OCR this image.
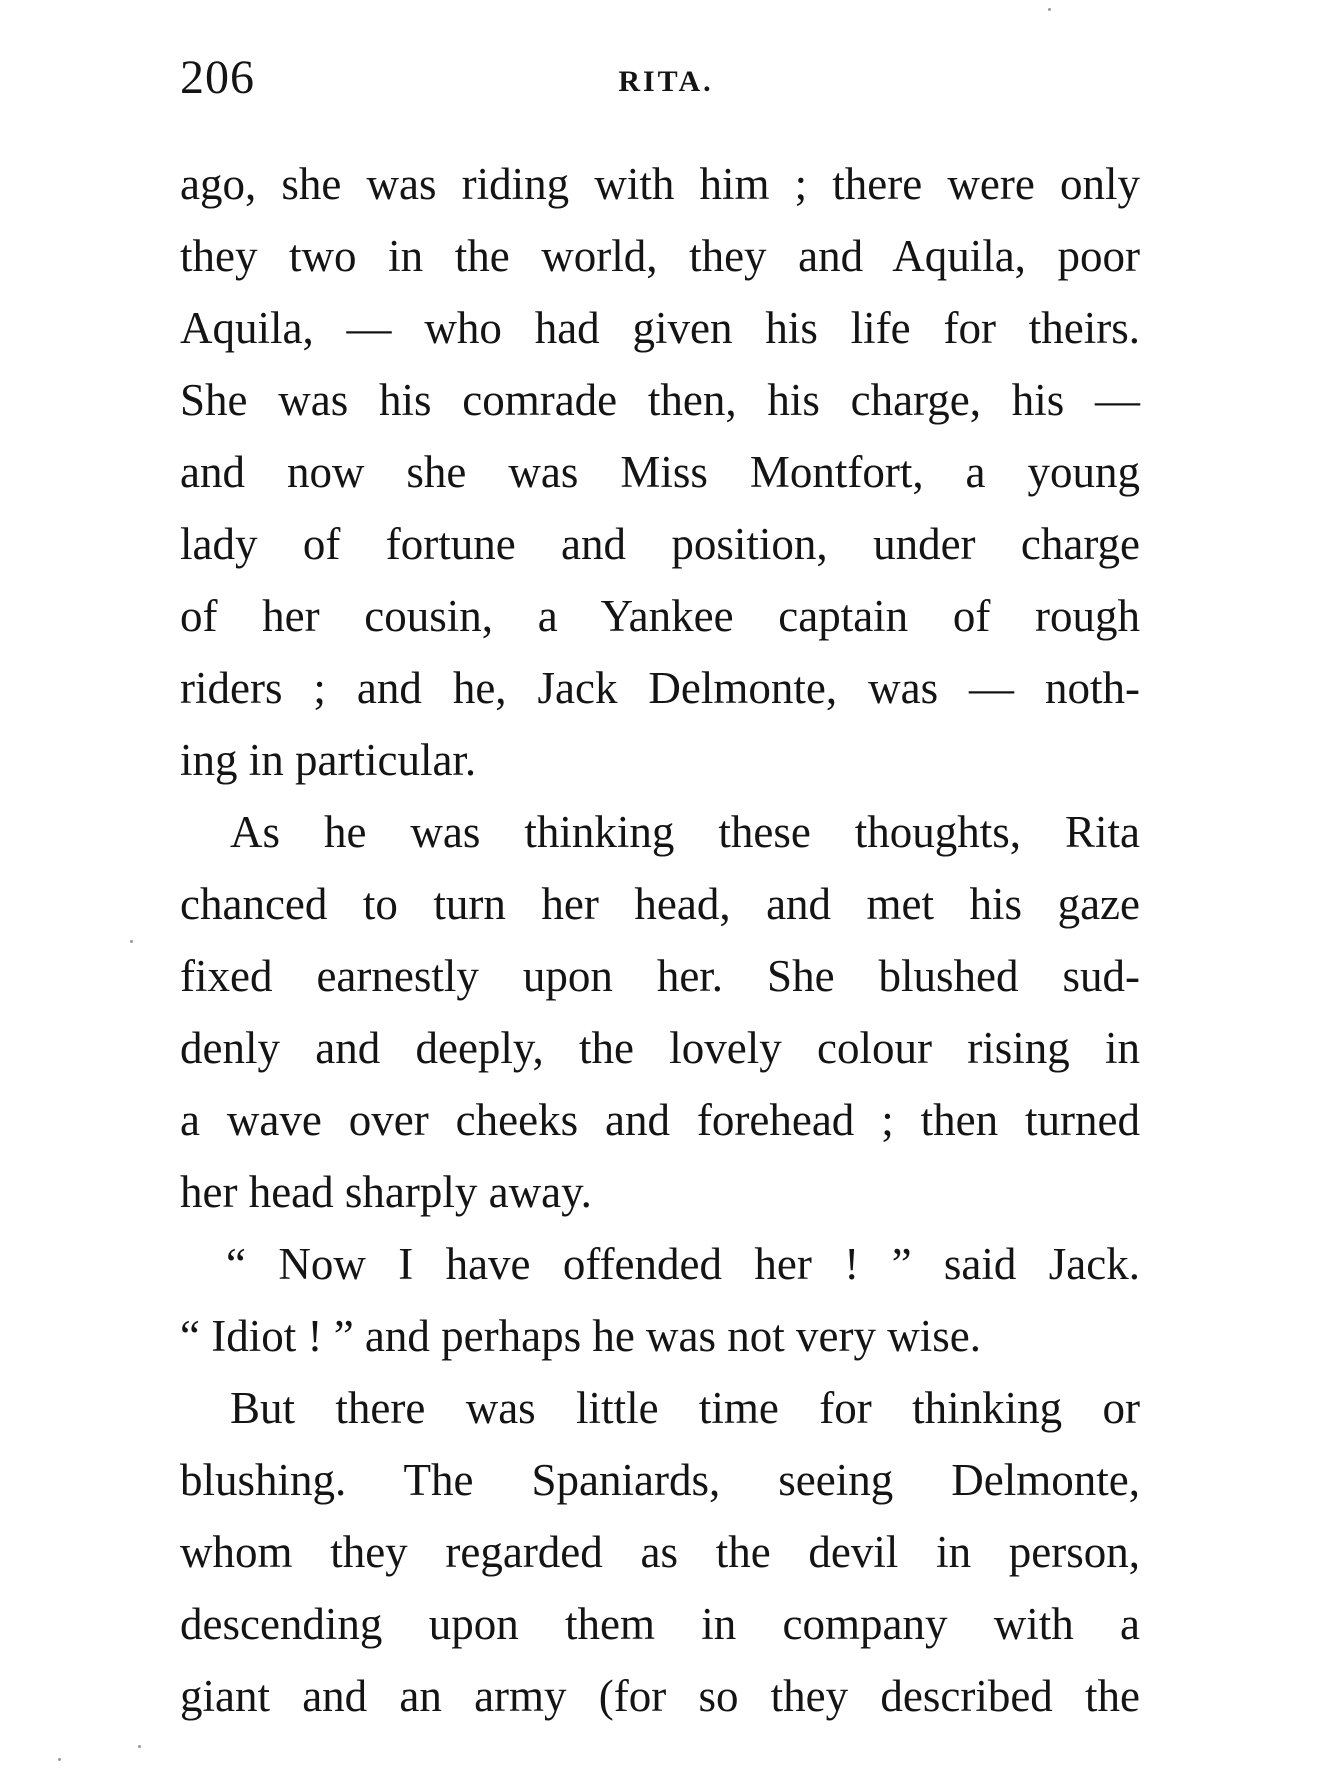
206	RITA.
ago, she was riding with him ; there were only
they two in the world, they and Aquila, poor
Aquila, — who had given his life for theirs.
She was his comrade then, his charge, his —
and now she was Miss Montfort, a young
lady of fortune and position, under charge
of her cousin, a Yankee captain of rough
riders ; and he, Jack Delmonte, was — noth-
ing in particular.
As he was thinking these thoughts, Rita
chanced to turn her head, and met his gaze
fixed earnestly upon her. She blushed sud-
denly and deeply, the lovely colour rising in
a wave over cheeks and forehead ; then turned
her head sharply away.
“ Now I have offended her ! ” said Jack.
“ Idiot ! ” and perhaps he was not very wise.
But there was little time for thinking or
blushing. The Spaniards, seeing Delmonte,
whom they regarded as the devil in person,
descending upon them in company with a
giant and an army (for so they described the
